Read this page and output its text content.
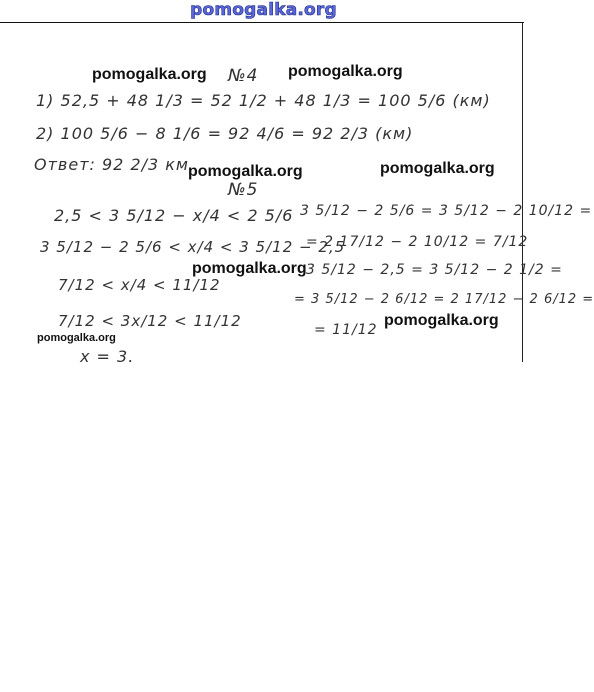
pomogalka.org
pomogalka.org	pomogalka.org
pomogalka.org	pomogalka.org
pomogalka.org
pomogalka.org
pomogalka.org
№4
1) 52,5 + 48 1/3 = 52 1/2 + 48 1/3 = 100 5/6 (км)
2) 100 5/6 − 8 1/6 = 92 4/6 = 92 2/3 (км)
Ответ: 92 2/3 км
№5
2,5 < 3 5/12 − x/4 < 2 5/6
3 5/12 − 2 5/6 < x/4 < 3 5/12 − 2,5
7/12 < x/4 < 11/12
7/12 < 3x/12 < 11/12
x = 3.
3 5/12 − 2 5/6 = 3 5/12 − 2 10/12 =
= 2 17/12 − 2 10/12 = 7/12
3 5/12 − 2,5 = 3 5/12 − 2 1/2 =
= 3 5/12 − 2 6/12 = 2 17/12 − 2 6/12 =
= 11/12
